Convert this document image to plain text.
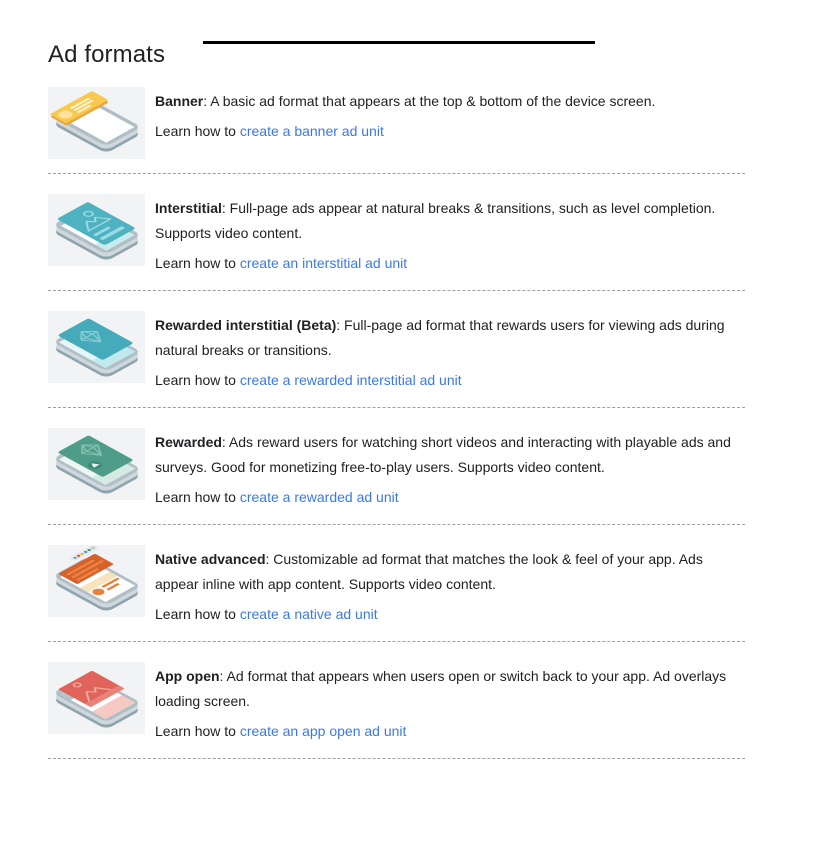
Ad formats

Banner: A basic ad format that appears at the top & bottom of the device screen.

Learn how to create a banner ad unit

Interstitial: Full-page ads appear at natural breaks & transitions, such as level completion. Supports video content.

Learn how to create an interstitial ad unit

Rewarded interstitial (Beta): Full-page ad format that rewards users for viewing ads during natural breaks or transitions.

Learn how to create a rewarded interstitial ad unit

Rewarded: Ads reward users for watching short videos and interacting with playable ads and surveys. Good for monetizing free-to-play users. Supports video content.

Learn how to create a rewarded ad unit

Native advanced: Customizable ad format that matches the look & feel of your app. Ads appear inline with app content. Supports video content.

Learn how to create a native ad unit

App open: Ad format that appears when users open or switch back to your app. Ad overlays loading screen.

Learn how to create an app open ad unit
